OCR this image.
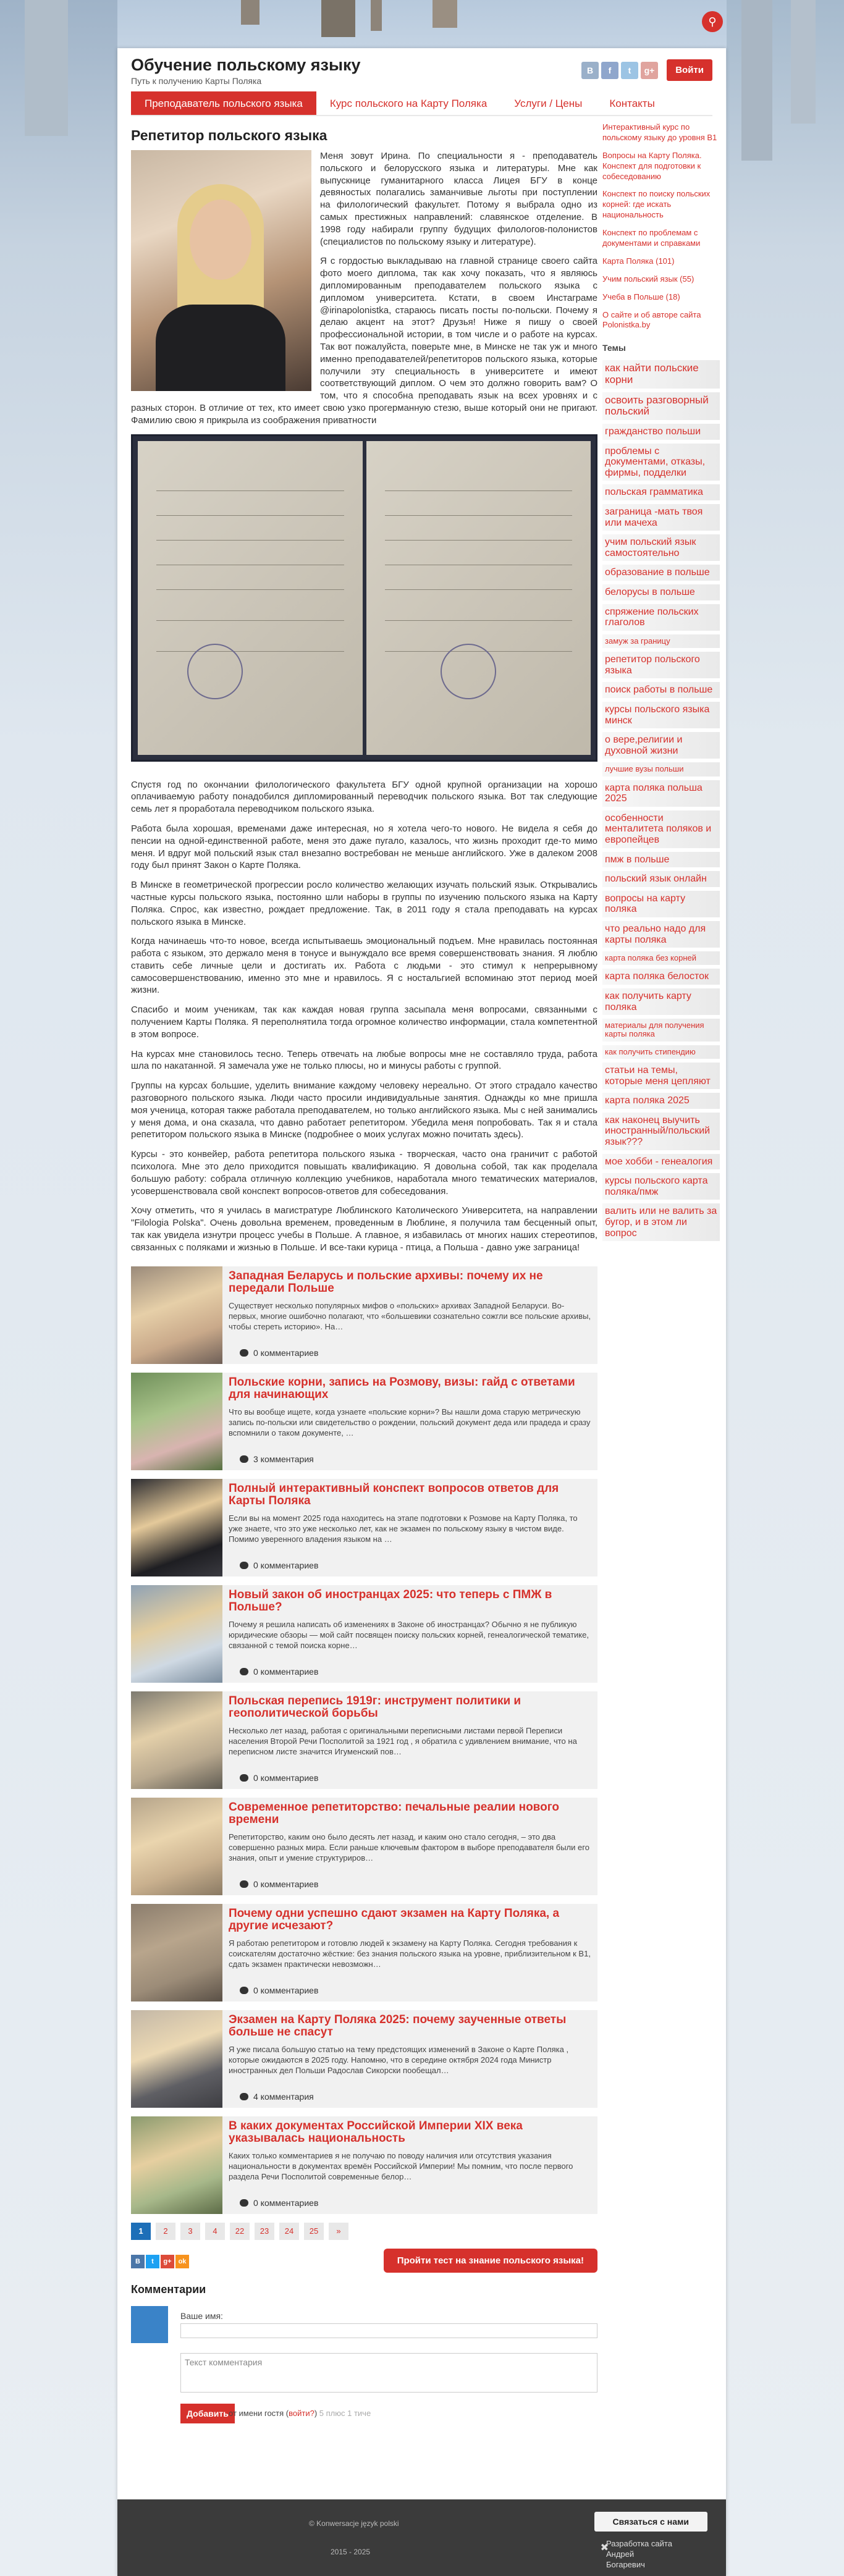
⚲
Обучение польскому языку
Путь к получению Карты Поляка
B	f	t	g+	Войти
Преподаватель польского языка	Курс польского на Карту Поляка	Услуги / Цены	Контакты
Репетитор польского языка

Меня зовут Ирина. По специальности я - преподаватель польского и белорусского языка и литературы. Мне как выпускнице гуманитарного класса Лицея БГУ в конце девяностых полагались заманчивые льготы при поступлении на филологический факультет. Потому я выбрала одно из самых престижных направлений: славянское отделение. В 1998 году набирали группу будущих филологов-полонистов (специалистов по польскому языку и литературе).

Я с гордостью выкладываю на главной странице своего сайта фото моего диплома, так как хочу показать, что я являюсь дипломированным преподавателем польского языка с дипломом университета. Кстати, в своем Инстаграме @irinapolonistka, стараюсь писать посты по-польски. Почему я делаю акцент на этот? Друзья! Ниже я пишу о своей профессиональной истории, в том числе и о работе на курсах. Так вот пожалуйста, поверьте мне, в Минске не так уж и много именно преподавателей/репетиторов польского языка, которые получили эту специальность в университете и имеют соответствующий диплом. О чем это должно говорить вам? О том, что я способна преподавать язык на всех уровнях и с разных сторон. В отличие от тех, кто имеет свою узко прогерманную стезю, выше который они не пригают. Фамилию свою я прикрыла из соображения приватности

Спустя год по окончании филологического факультета БГУ одной крупной организации на хорошо оплачиваемую работу понадобился дипломированный переводчик польского языка. Вот так следующие семь лет я проработала переводчиком польского языка.

Работа была хорошая, временами даже интересная, но я хотела чего-то нового. Не видела я себя до пенсии на одной-единственной работе, меня это даже пугало, казалось, что жизнь проходит где-то мимо меня. И вдруг мой польский язык стал внезапно востребован не меньше английского. Уже в далеком 2008 году был принят Закон о Карте Поляка.

В Минске в геометрической прогрессии росло количество желающих изучать польский язык. Открывались частные курсы польского языка, постоянно шли наборы в группы по изучению польского языка на Карту Поляка. Спрос, как известно, рождает предложение. Так, в 2011 году я стала преподавать на курсах польского языка в Минске.

Когда начинаешь что-то новое, всегда испытываешь эмоциональный подъем. Мне нравилась постоянная работа с языком, это держало меня в тонусе и вынуждало все время совершенствовать знания. Я люблю ставить себе личные цели и достигать их. Работа с людьми - это стимул к непрерывному самосовершенствованию, именно это мне и нравилось. Я с ностальгией вспоминаю этот период моей жизни.

Спасибо и моим ученикам, так как каждая новая группа засыпала меня вопросами, связанными с получением Карты Поляка. Я переполнятила тогда огромное количество информации, стала компетентной в этом вопросе.

На курсах мне становилось тесно. Теперь отвечать на любые вопросы мне не составляло труда, работа шла по накатанной. Я замечала уже не только плюсы, но и минусы работы с группой.

Группы на курсах большие, уделить внимание каждому человеку нереально. От этого страдало качество разговорного польского языка. Люди часто просили индивидуальные занятия. Однажды ко мне пришла моя ученица, которая также работала преподавателем, но только английского языка. Мы с ней занимались у меня дома, и она сказала, что давно работает репетитором. Убедила меня попробовать. Так я и стала репетитором польского языка в Минске (подробнее о моих услугах можно почитать здесь).

Курсы - это конвейер, работа репетитора польского языка - творческая, часто она граничит с работой психолога. Мне это дело приходится повышать квалификацию. Я довольна собой, так как проделала большую работу: собрала отличную коллекцию учебников, наработала много тематических материалов, усовершенствовала свой конспект вопросов-ответов для собеседования.

Хочу отметить, что я училась в магистратуре Люблинского Католического Университета, на направлении "Filologia Polska". Очень довольна временем, проведенным в Люблине, я получила там бесценный опыт, так как увидела изнутри процесс учебы в Польше. А главное, я избавилась от многих наших стереотипов, связанных с поляками и жизнью в Польше. И все-таки курица - птица, а Польша - давно уже заграница!

Западная Беларусь и польские архивы: почему их не передали Польше
Существует несколько популярных мифов о «польских» архивах Западной Беларуси. Во-первых, многие ошибочно полагают, что «большевики сознательно сожгли все польские архивы, чтобы стереть историю». На…
0 комментариев
Польские корни, запись на Розмову, визы: гайд с ответами для начинающих
Что вы вообще ищете, когда узнаете «польские корни»? Вы нашли дома старую метрическую запись по-польски или свидетельство о рождении, польский документ деда или прадеда и сразу вспомнили о таком документе, …
3 комментария
Полный интерактивный конспект вопросов ответов для Карты Поляка
Если вы на момент 2025 года находитесь на этапе подготовки к Розмове на Карту Поляка, то уже знаете, что это уже несколько лет, как не экзамен по польскому языку в чистом виде. Помимо уверенного владения языком на …
0 комментариев
Новый закон об иностранцах 2025: что теперь с ПМЖ в Польше?
Почему я решила написать об изменениях в Законе об иностранцах? Обычно я не публикую юридические обзоры — мой сайт посвящен поиску польских корней, генеалогической тематике, связанной с темой поиска корне…
0 комментариев
Польская перепись 1919г: инструмент политики и геополитической борьбы
Несколько лет назад, работая с оригинальными переписными листами первой Переписи населения Второй Речи Посполитой за 1921 год , я обратила с удивлением внимание, что на переписном листе значится Игуменский пов…
0 комментариев
Современное репетиторство: печальные реалии нового времени
Репетиторство, каким оно было десять лет назад, и каким оно стало сегодня, – это два совершенно разных мира. Если раньше ключевым фактором в выборе преподавателя были его знания, опыт и умение структуриров…
0 комментариев
Почему одни успешно сдают экзамен на Карту Поляка, а другие исчезают?
Я работаю репетитором и готовлю людей к экзамену на Карту Поляка. Сегодня требования к соискателям достаточно жёсткие: без знания польского языка на уровне, приблизительном к B1, сдать экзамен практически невозможн…
0 комментариев
Экзамен на Карту Поляка 2025: почему заученные ответы больше не спасут
Я уже писала большую статью на тему предстоящих изменений в Законе о Карте Поляка , которые ожидаются в 2025 году. Напомню, что в середине октября 2024 года Министр иностранных дел Польши Радослав Сикорски пообещал…
4 комментария
В каких документах Российской Империи XIX века указывалась национальность
Каких только комментариев я не получаю по поводу наличия или отсутствия указания национальности в документах времён Российской Империи! Мы помним, что после первого раздела Речи Посполитой современные белор…
0 комментариев
1	2	3	4	22	23	24	25	»
B	t	g+	ok	Пройти тест на знание польского языка!
Комментарии
Ваше имя:
Текст комментария
Добавить от имени гостя (войти?) 5 плюс 1 тиче
Интерактивный курс по польскому языку до уровня B1
Вопросы на Карту Поляка. Конспект для подготовки к собеседованию
Конспект по поиску польских корней: где искать национальность
Конспект по проблемам с документами и справками
Карта Поляка (101)
Учим польский язык (55)
Учеба в Польше (18)
О сайте и об авторе сайта Polonistka.by
Темы
как найти польские корни
освоить разговорный польский
гражданство польши
проблемы с документами, отказы, фирмы, подделки
польская грамматика
заграница -мать твоя или мачеха
учим польский язык самостоятельно
образование в польше
белорусы в польше
спряжение польских глаголов
замуж за границу
репетитор польского языка
поиск работы в польше
курсы польского языка минск
о вере,религии и духовной жизни
лучшие вузы польши
карта поляка польша 2025
особенности менталитета поляков и европейцев
пмж в польше
польский язык онлайн
вопросы на карту поляка
что реально надо для карты поляка
карта поляка без корней
карта поляка белосток
как получить карту поляка
материалы для получения карты поляка
как получить стипендию
статьи на темы, которые меня цепляют
карта поляка 2025
как наконец выучить иностранный/польский язык???
мое хобби - генеалогия
курсы польского карта поляка/пмж
валить или не валить за бугор, и в этом ли вопрос
© Konwersacje język polski
2015 - 2025
Связаться с нами
✖
Разработка сайта Андрей Богаревич
